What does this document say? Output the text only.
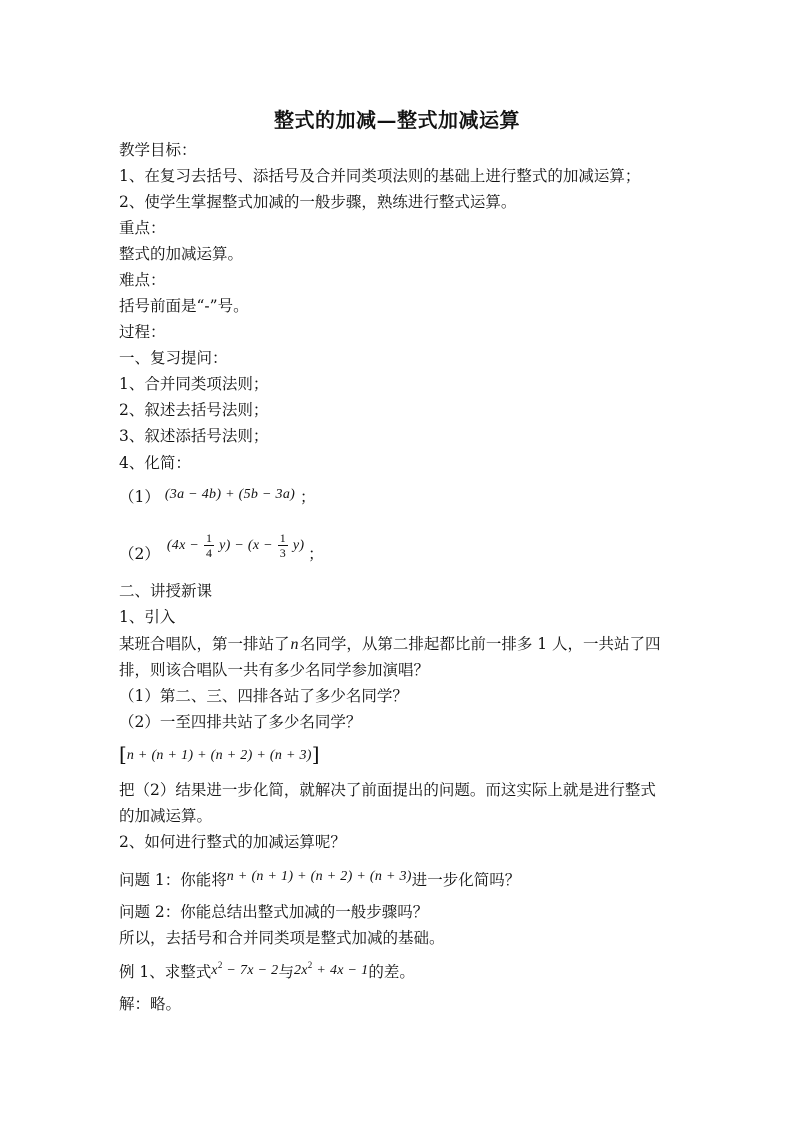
整式的加减—整式加减运算
教学目标：
1、在复习去括号、添括号及合并同类项法则的基础上进行整式的加减运算；
2、使学生掌握整式加减的一般步骤，熟练进行整式运算。
重点：
整式的加减运算。
难点：
括号前面是“-”号。
过程：
一、复习提问：
1、合并同类项法则；
2、叙述去括号法则；
3、叙述添括号法则；
4、化简：
（1） (3a − 4b) + (5b − 3a) ；
（2） $(4x - \frac{1}{4} y) - (x - \frac{1}{3} y)$ ；
二、讲授新课
1、引入
某班合唱队，第一排站了n名同学，从第二排起都比前一排多 1 人，一共站了四
排，则该合唱队一共有多少名同学参加演唱？
（1）第二、三、四排各站了多少名同学？
（2）一至四排共站了多少名同学？
[n + (n + 1) + (n + 2) + (n + 3)]
把（2）结果进一步化简，就解决了前面提出的问题。而这实际上就是进行整式
的加减运算。
2、如何进行整式的加减运算呢？
问题 1：你能将n + (n + 1) + (n + 2) + (n + 3)进一步化简吗？
问题 2：你能总结出整式加减的一般步骤吗？
所以，去括号和合并同类项是整式加减的基础。
例 1、求整式$x^2 - 7x - 2$与$2x^2 + 4x - 1$的差。
解：略。
